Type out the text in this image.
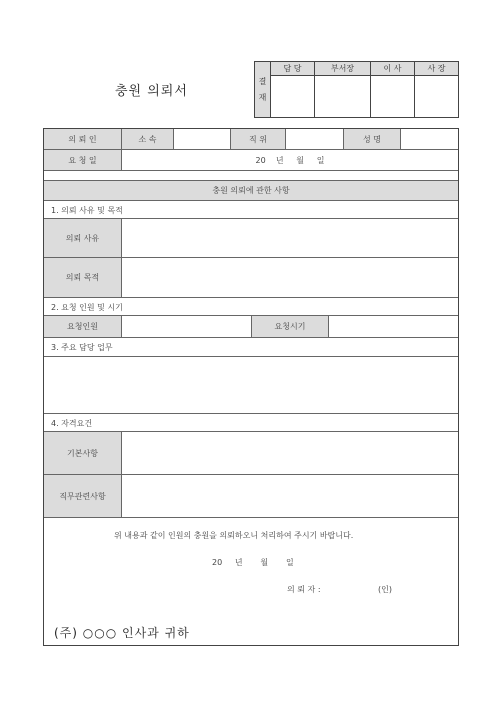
충원 의뢰서
결
재	담 당	부서장	이 사	사 장

의 뢰 인	소 속	직 위	성 명
요 청 일	20    년     월     일
충원 의뢰에 관한 사항
1. 의뢰 사유 및 목적
의뢰 사유
의뢰 목적
2. 요청 인원 및 시기
요청인원	요청시기
3. 주요 담당 업무
4. 자격요건
기본사항
직무관련사항
위 내용과 같이 인원의 충원을 의뢰하오니 처리하여 주시기 바랍니다.
20     년       월       일
의 뢰 자 :	(인)
(주) ○○○ 인사과 귀하
